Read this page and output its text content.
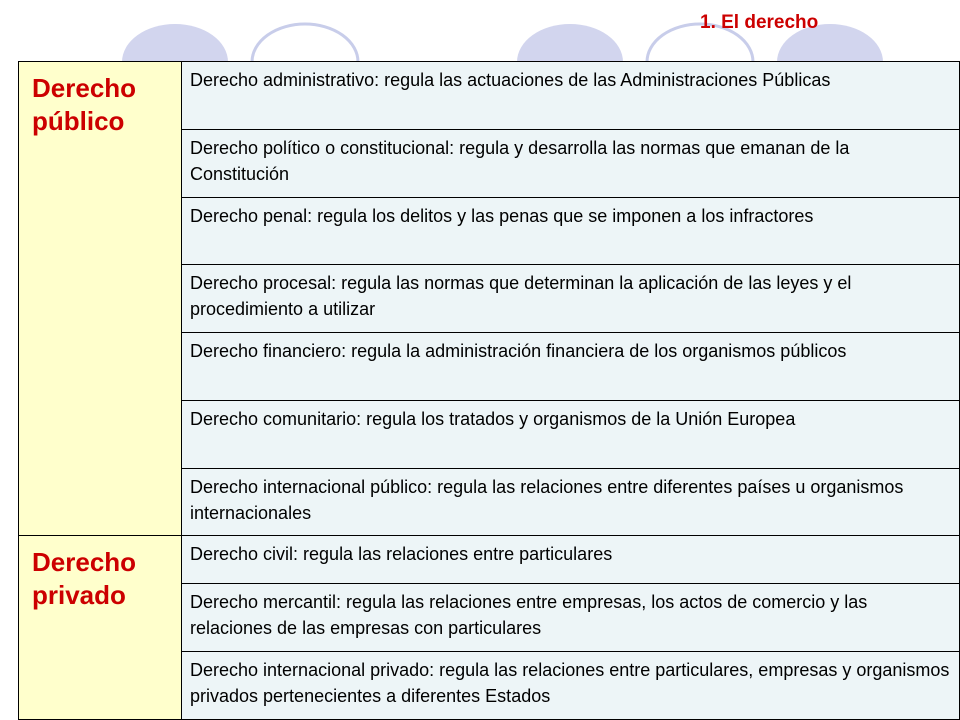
1. El derecho
Derecho público	Derecho administrativo: regula las actuaciones de las Administraciones Públicas
	Derecho político o constitucional: regula y desarrolla las normas que emanan de la Constitución
	Derecho penal: regula los delitos y las penas que se imponen a los infractores
	Derecho procesal: regula las normas que determinan la aplicación de las leyes y el procedimiento a utilizar
	Derecho financiero: regula la administración financiera de los organismos públicos
	Derecho comunitario: regula los tratados y organismos de la Unión Europea
	Derecho internacional público: regula las relaciones entre diferentes países u organismos internacionales

Derecho privado	Derecho civil: regula las relaciones entre particulares
	Derecho mercantil: regula las relaciones entre empresas, los actos de comercio y las relaciones de las empresas con particulares
	Derecho internacional privado: regula las relaciones entre particulares, empresas y organismos privados pertenecientes a diferentes Estados
